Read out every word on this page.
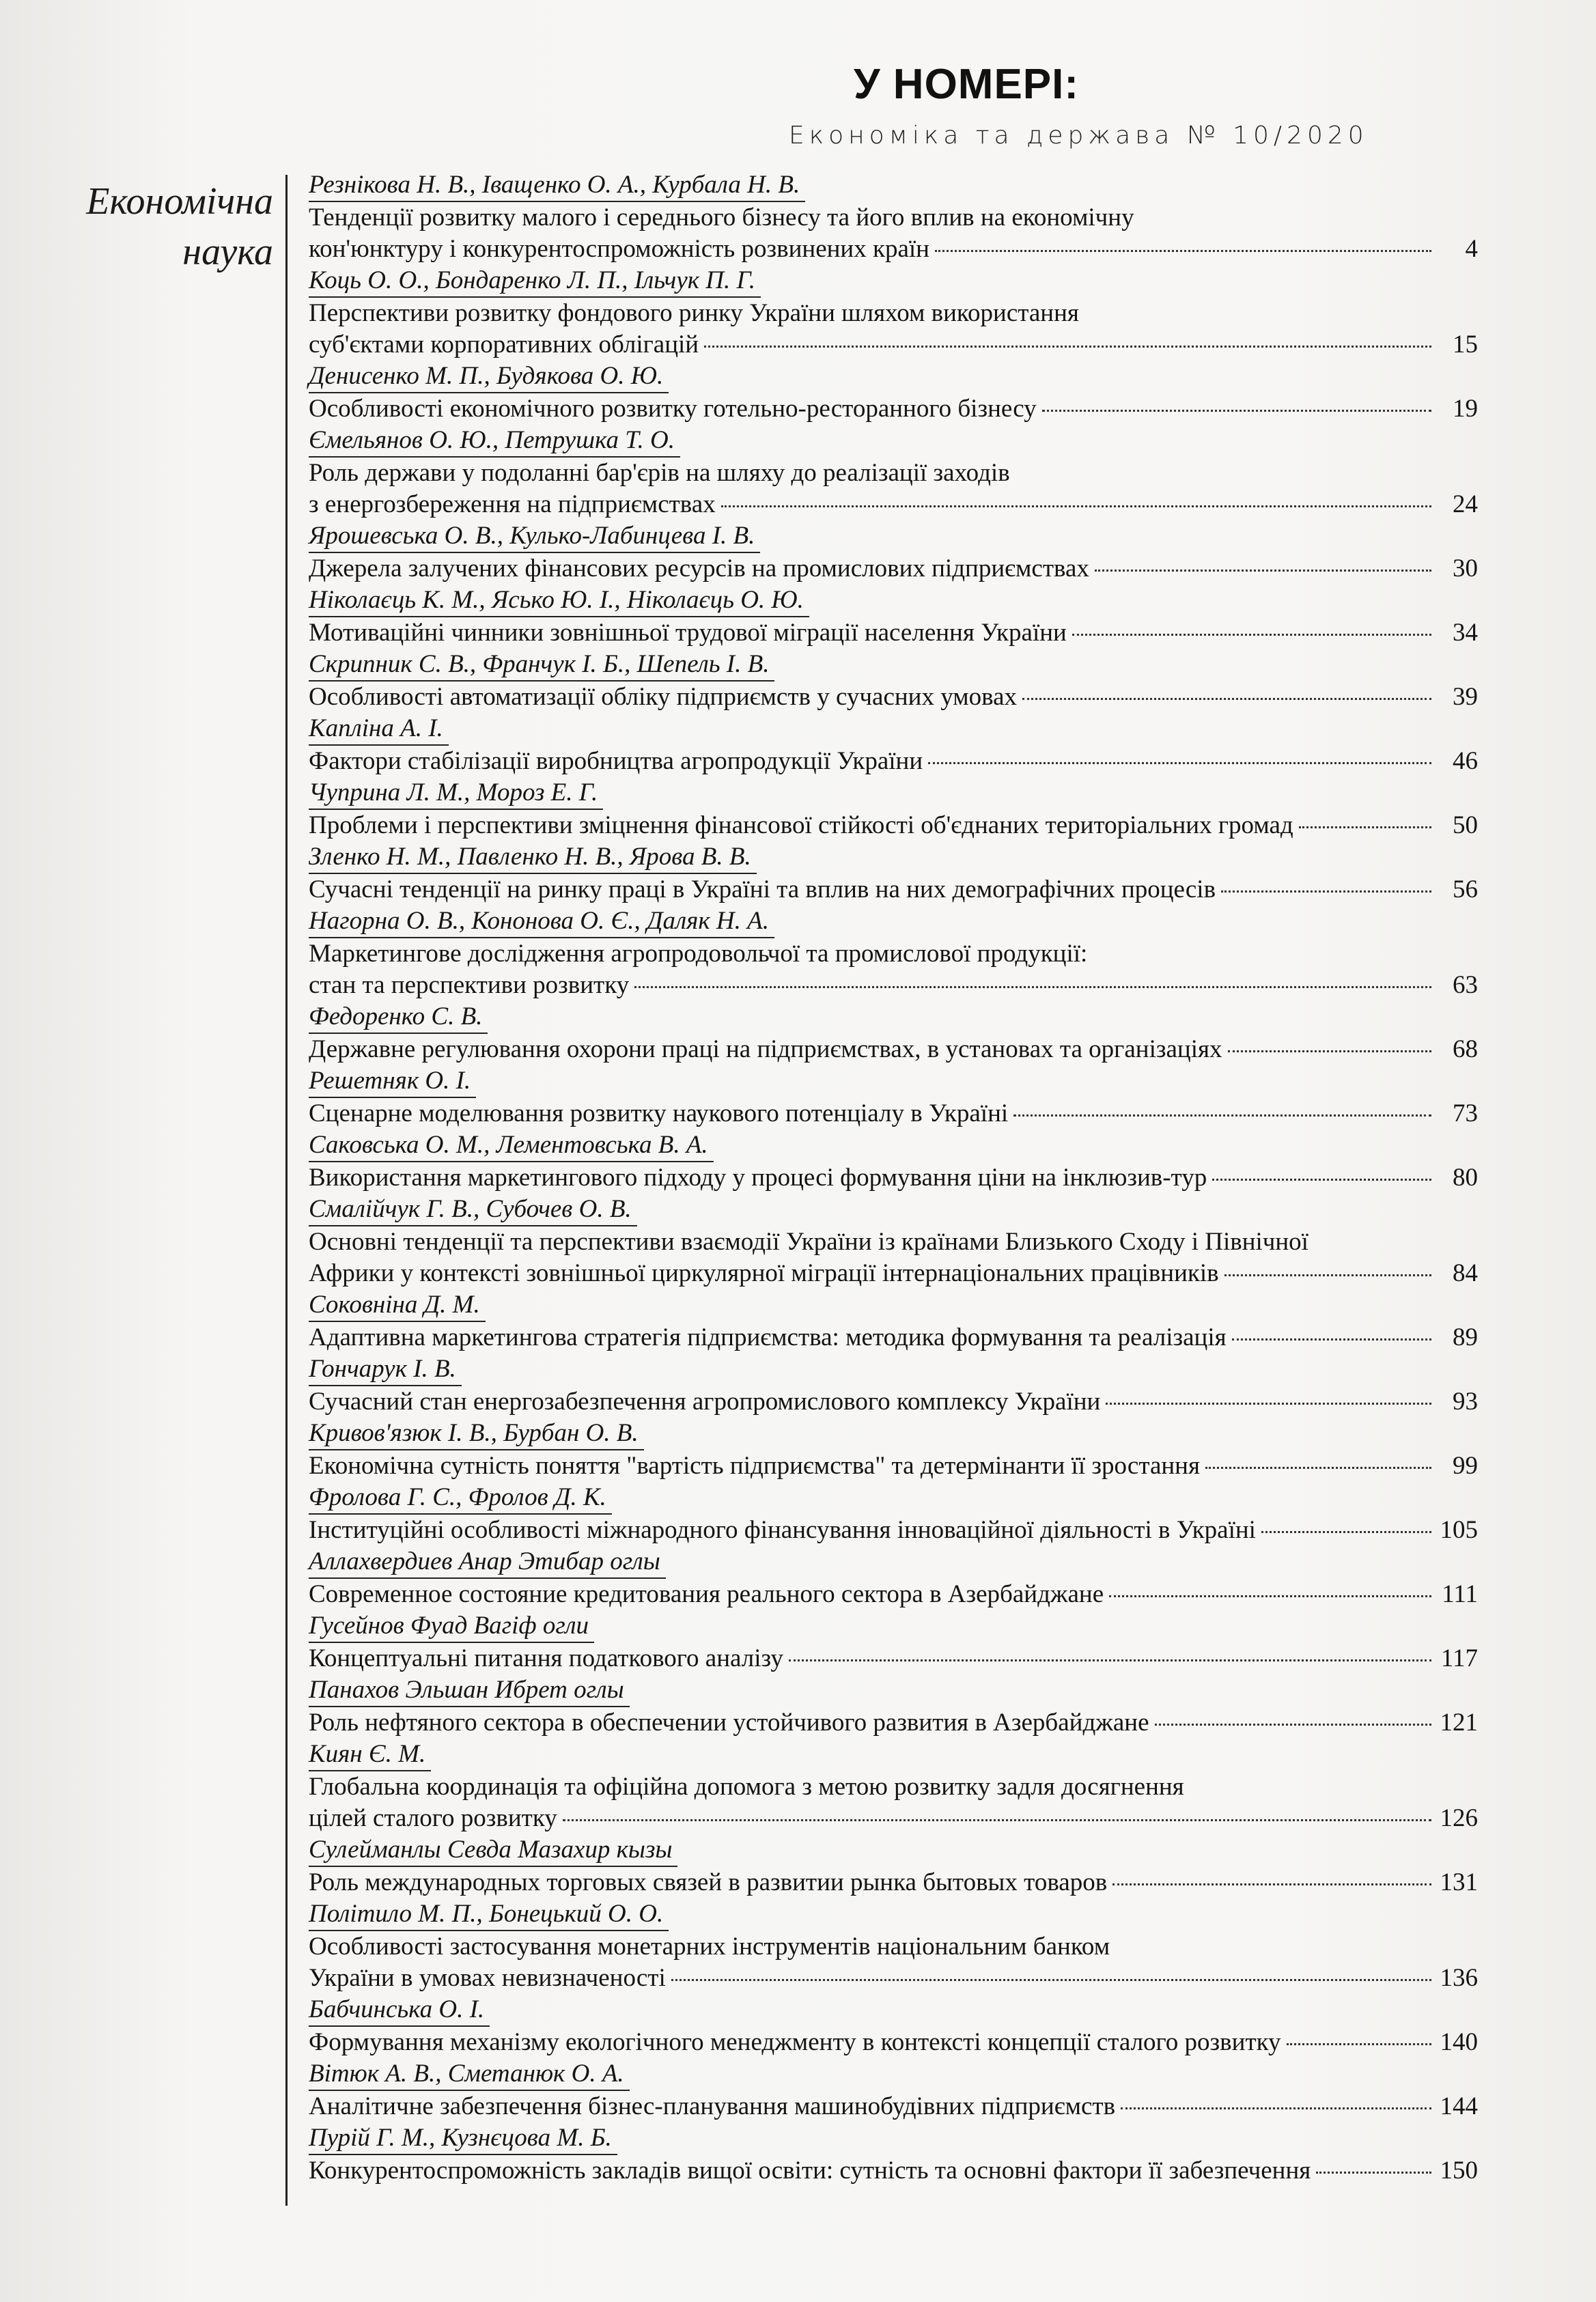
У НОМЕРІ:
Економіка та держава № 10/2020
Економічна
наука
Резнікова Н. В., Іващенко О. А., Курбала Н. В.
Тенденції розвитку малого і середнього бізнесу та його вплив на економічну
кон'юнктуру і конкурентоспроможність розвинених країн	4
Коць О. О., Бондаренко Л. П., Ільчук П. Г.
Перспективи розвитку фондового ринку України шляхом використання
суб'єктами корпоративних облігацій	15
Денисенко М. П., Будякова О. Ю.
Особливості економічного розвитку готельно-ресторанного бізнесу	19
Ємельянов О. Ю., Петрушка Т. О.
Роль держави у подоланні бар'єрів на шляху до реалізації заходів
з енергозбереження на підприємствах	24
Ярошевська О. В., Кулько-Лабинцева І. В.
Джерела залучених фінансових ресурсів на промислових підприємствах	30
Ніколаєць К. М., Ясько Ю. І., Ніколаєць О. Ю.
Мотиваційні чинники зовнішньої трудової міграції населення України	34
Скрипник С. В., Франчук І. Б., Шепель І. В.
Особливості автоматизації обліку підприємств у сучасних умовах	39
Капліна А. І.
Фактори стабілізації виробництва агропродукції України	46
Чуприна Л. М., Мороз Е. Г.
Проблеми і перспективи зміцнення фінансової стійкості об'єднаних територіальних громад	50
Зленко Н. М., Павленко Н. В., Ярова В. В.
Сучасні тенденції на ринку праці в Україні та вплив на них демографічних процесів	56
Нагорна О. В., Кононова О. Є., Даляк Н. А.
Маркетингове дослідження агропродовольчої та промислової продукції:
стан та перспективи розвитку	63
Федоренко С. В.
Державне регулювання охорони праці на підприємствах, в установах та організаціях	68
Решетняк О. І.
Сценарне моделювання розвитку наукового потенціалу в Україні	73
Саковська О. М., Лементовська В. А.
Використання маркетингового підходу у процесі формування ціни на інклюзив-тур	80
Смалійчук Г. В., Субочев О. В.
Основні тенденції та перспективи взаємодії України із країнами Близького Сходу і Північної
Африки у контексті зовнішньої циркулярної міграції інтернаціональних працівників	84
Соковніна Д. М.
Адаптивна маркетингова стратегія підприємства: методика формування та реалізація	89
Гончарук І. В.
Сучасний стан енергозабезпечення агропромислового комплексу України	93
Кривов'язюк І. В., Бурбан О. В.
Економічна сутність поняття "вартість підприємства" та детермінанти її зростання	99
Фролова Г. С., Фролов Д. К.
Інституційні особливості міжнародного фінансування інноваційної діяльності в Україні	105
Аллахвердиев Анар Этибар оглы
Современное состояние кредитования реального сектора в Азербайджане	111
Гусейнов Фуад Вагіф огли
Концептуальні питання податкового аналізу	117
Панахов Эльшан Ибрет оглы
Роль нефтяного сектора в обеспечении устойчивого развития в Азербайджане	121
Киян Є. М.
Глобальна координація та офіційна допомога з метою розвитку задля досягнення
цілей сталого розвитку	126
Сулейманлы Севда Мазахир кызы
Роль международных торговых связей в развитии рынка бытовых товаров	131
Політило М. П., Бонецький О. О.
Особливості застосування монетарних інструментів національним банком
України в умовах невизначеності	136
Бабчинська О. І.
Формування механізму екологічного менеджменту в контексті концепції сталого розвитку	140
Вітюк А. В., Сметанюк О. А.
Аналітичне забезпечення бізнес-планування машинобудівних підприємств	144
Пурій Г. М., Кузнєцова М. Б.
Конкурентоспроможність закладів вищої освіти: сутність та основні фактори її забезпечення	150
